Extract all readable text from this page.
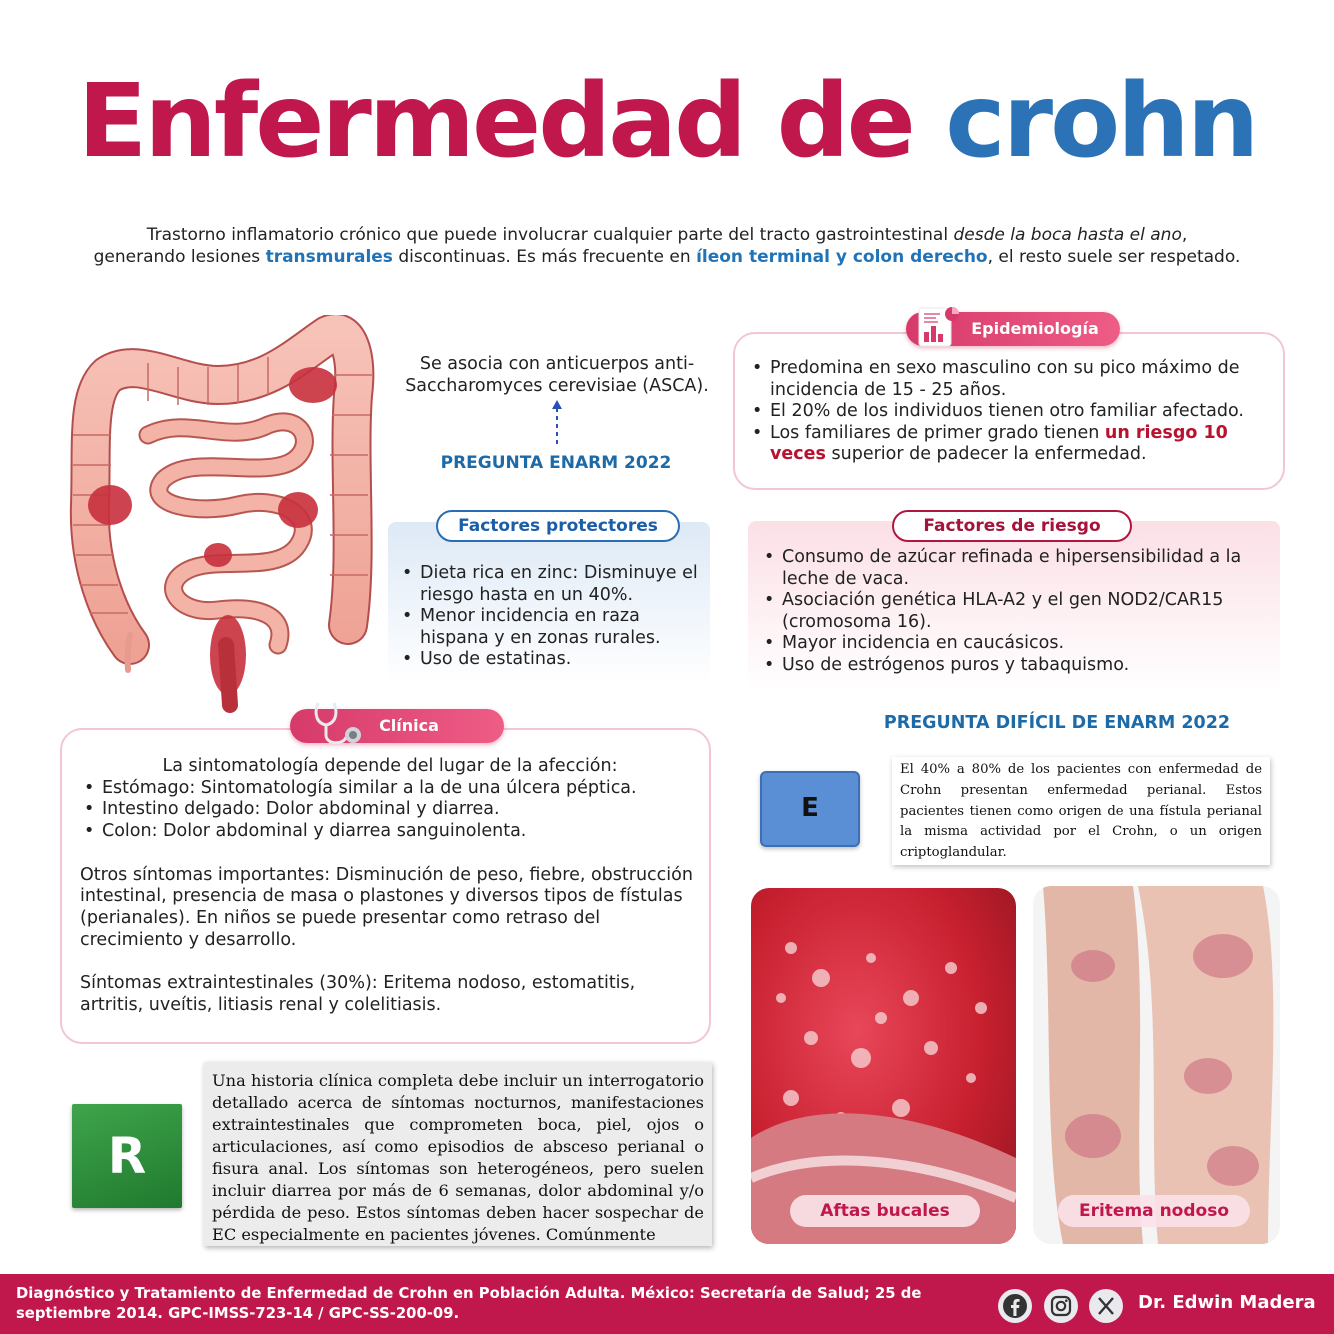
Enfermedad de crohn
Trastorno inflamatorio crónico que puede involucrar cualquier parte del tracto gastrointestinal desde la boca hasta el ano,
generando lesiones transmurales discontinuas. Es más frecuente en íleon terminal y colon derecho, el resto suele ser respetado.
Se asocia con anticuerpos anti-Saccharomyces cerevisiae (ASCA).
PREGUNTA ENARM 2022
Epidemiología
• Predomina en sexo masculino con su pico máximo de incidencia de 15 - 25 años.
• El 20% de los individuos tienen otro familiar afectado.
• Los familiares de primer grado tienen un riesgo 10 veces superior de padecer la enfermedad.
Factores protectores
• Dieta rica en zinc: Disminuye el riesgo hasta en un 40%.
• Menor incidencia en raza hispana y en zonas rurales.
• Uso de estatinas.
Factores de riesgo
• Consumo de azúcar refinada e hipersensibilidad a la leche de vaca.
• Asociación genética HLA-A2 y el gen NOD2/CAR15 (cromosoma 16).
• Mayor incidencia en caucásicos.
• Uso de estrógenos puros y tabaquismo.
Clínica
La sintomatología depende del lugar de la afección:
• Estómago: Sintomatología similar a la de una úlcera péptica.
• Intestino delgado: Dolor abdominal y diarrea.
• Colon: Dolor abdominal y diarrea sanguinolenta.
Otros síntomas importantes: Disminución de peso, fiebre, obstrucción intestinal, presencia de masa o plastones y diversos tipos de fístulas (perianales). En niños se puede presentar como retraso del crecimiento y desarrollo.
Síntomas extraintestinales (30%): Eritema nodoso, estomatitis, artritis, uveítis, litiasis renal y colelitiasis.
PREGUNTA DIFÍCIL DE ENARM 2022
E
El 40% a 80% de los pacientes con enfermedad de Crohn presentan enfermedad perianal. Estos pacientes tienen como origen de una fístula perianal la misma actividad por el Crohn, o un origen criptoglandular.
R
Una historia clínica completa debe incluir un interrogatorio detallado acerca de síntomas nocturnos, manifestaciones extraintestinales que comprometen boca, piel, ojos o articulaciones, así como episodios de absceso perianal o fisura anal. Los síntomas son heterogéneos, pero suelen incluir diarrea por más de 6 semanas, dolor abdominal y/o pérdida de peso. Estos síntomas deben hacer sospechar de EC especialmente en pacientes jóvenes. Comúnmente
Aftas bucales	Eritema nodoso
Diagnóstico y Tratamiento de Enfermedad de Crohn en Población Adulta. México: Secretaría de Salud; 25 de septiembre 2014. GPC-IMSS-723-14 / GPC-SS-200-09.
Dr. Edwin Madera
